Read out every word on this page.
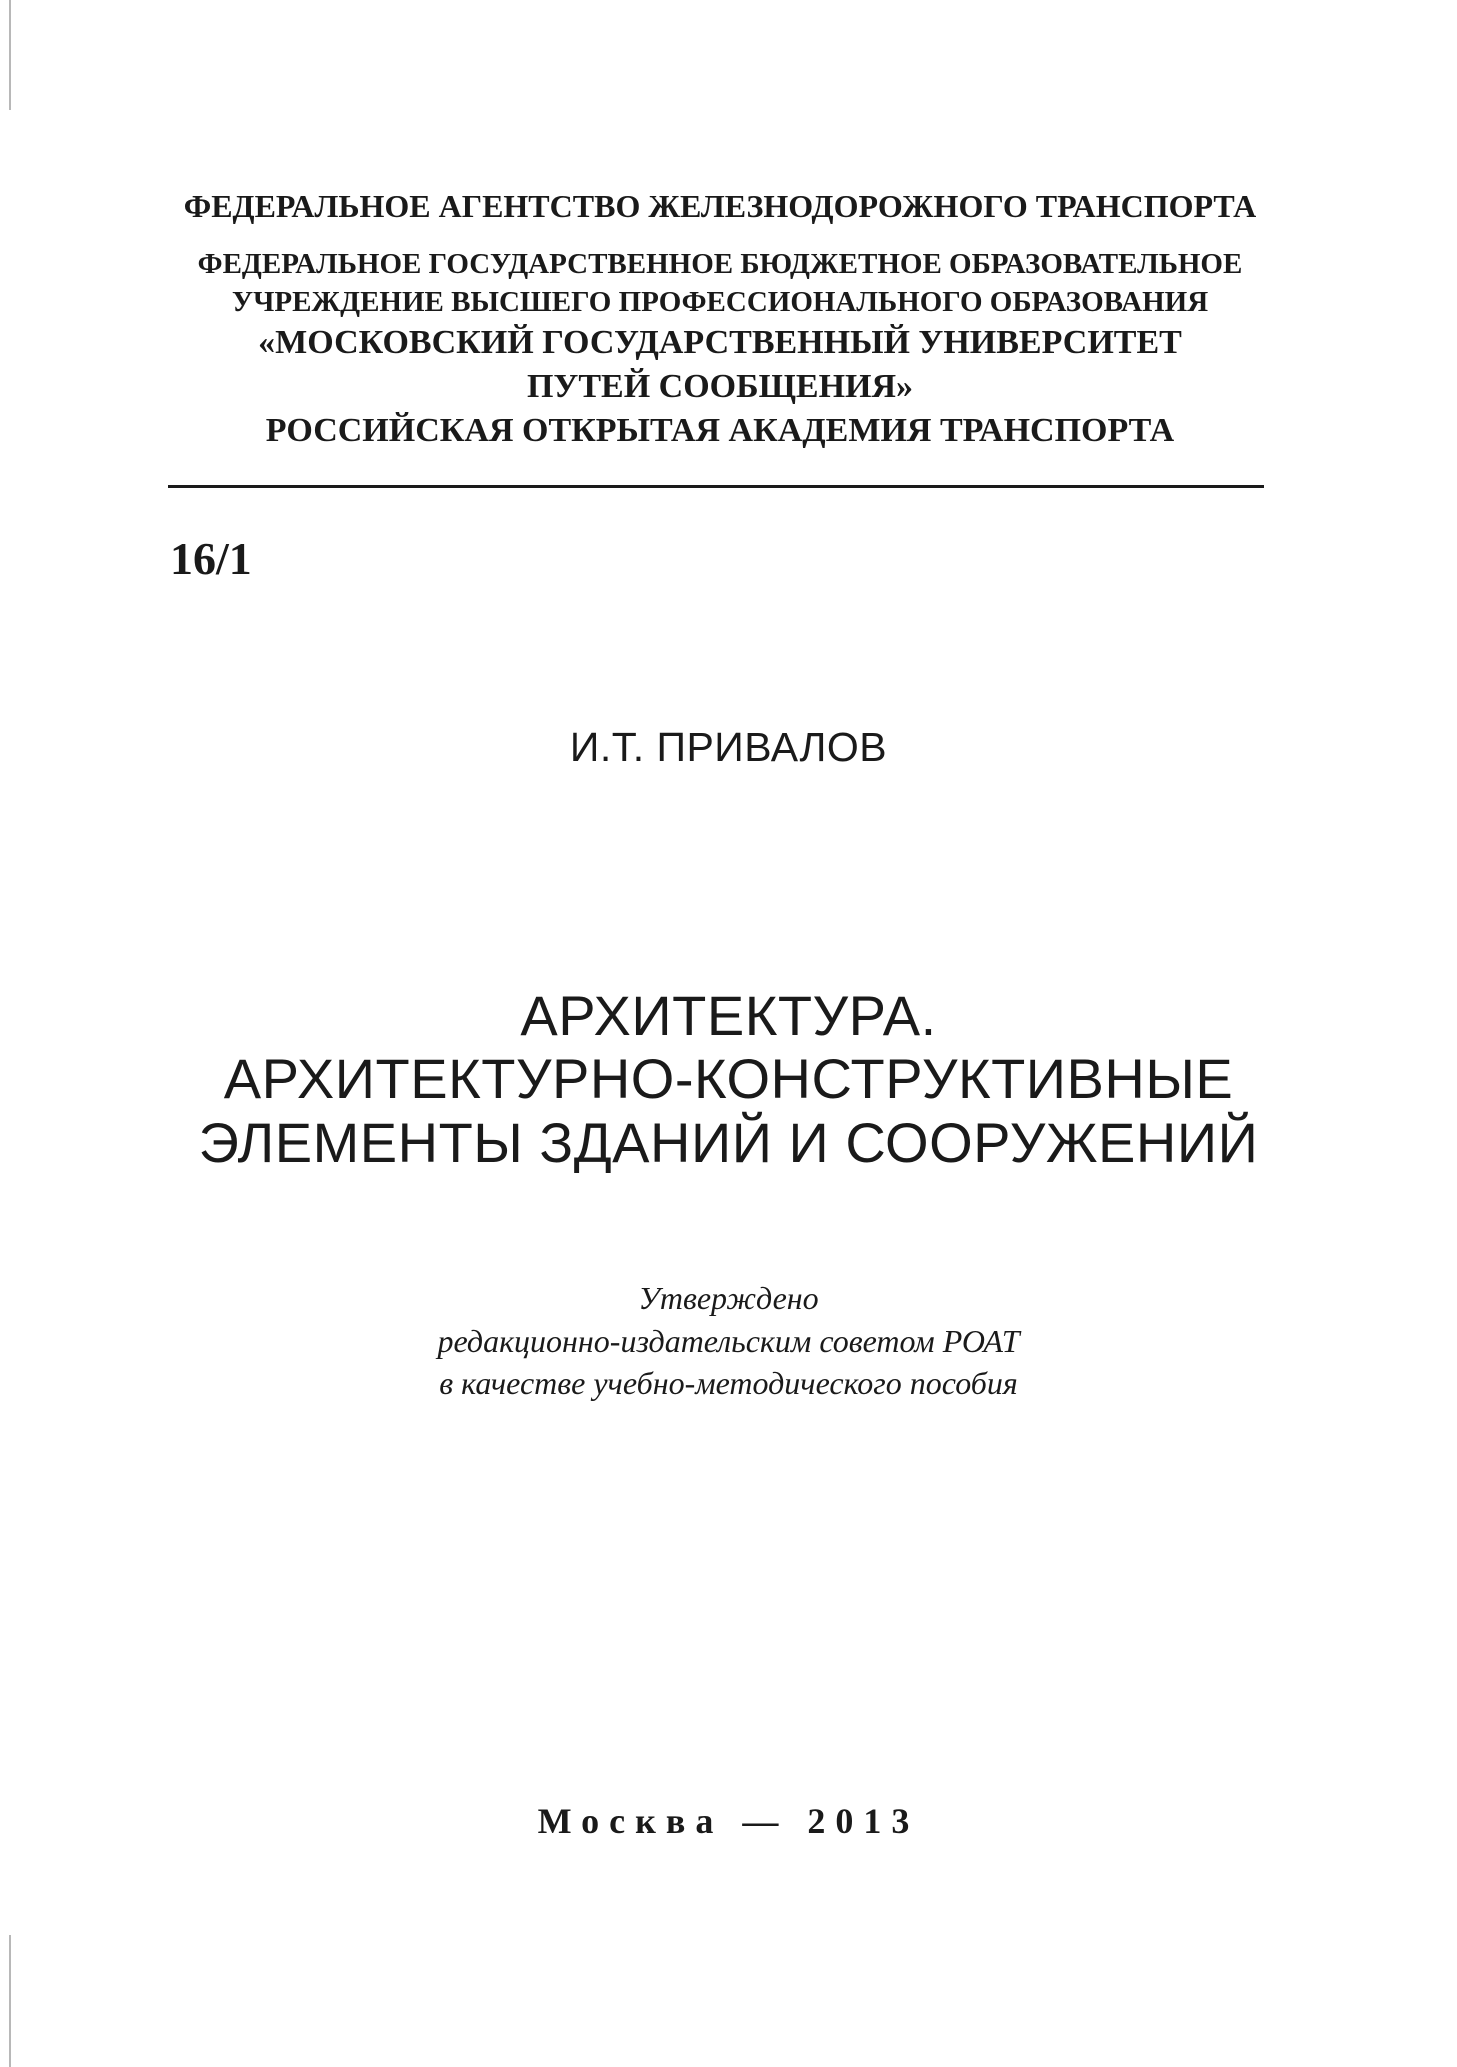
ФЕДЕРАЛЬНОЕ АГЕНТСТВО ЖЕЛЕЗНОДОРОЖНОГО ТРАНСПОРТА
ФЕДЕРАЛЬНОЕ ГОСУДАРСТВЕННОЕ БЮДЖЕТНОЕ ОБРАЗОВАТЕЛЬНОЕ
УЧРЕЖДЕНИЕ ВЫСШЕГО ПРОФЕССИОНАЛЬНОГО ОБРАЗОВАНИЯ
«МОСКОВСКИЙ ГОСУДАРСТВЕННЫЙ УНИВЕРСИТЕТ
ПУТЕЙ СООБЩЕНИЯ»
РОССИЙСКАЯ ОТКРЫТАЯ АКАДЕМИЯ ТРАНСПОРТА
16/1
И.Т. ПРИВАЛОВ
АРХИТЕКТУРА.
АРХИТЕКТУРНО-КОНСТРУКТИВНЫЕ
ЭЛЕМЕНТЫ ЗДАНИЙ И СООРУЖЕНИЙ
Утверждено
редакционно-издательским советом РОАТ
в качестве учебно-методического пособия
Москва — 2013
